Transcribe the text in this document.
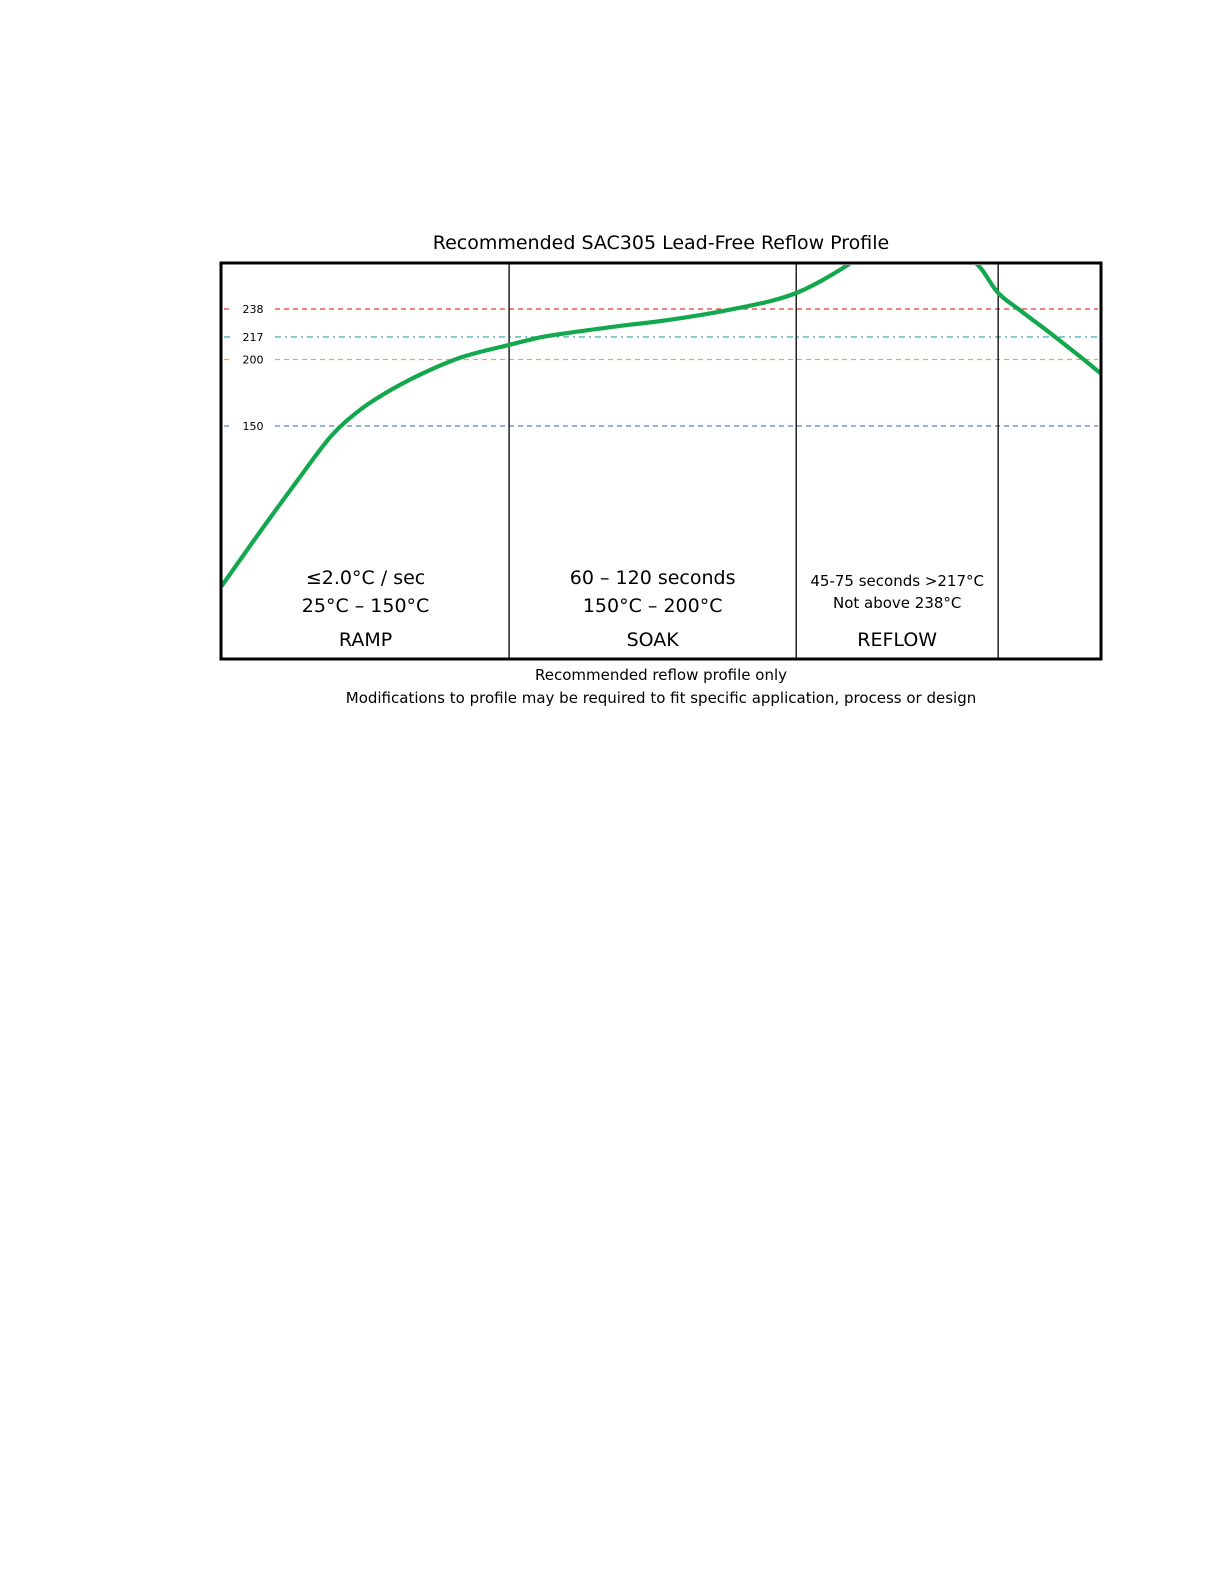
Recommended SAC305 Lead-Free Reflow Profile
238
217
200
150
≤2.0°C / sec
25°C – 150°C
RAMP
60 – 120 seconds
150°C – 200°C
SOAK
45-75 seconds >217°C
Not above 238°C
REFLOW
Recommended reflow profile only
Modifications to profile may be required to fit specific application, process or design
